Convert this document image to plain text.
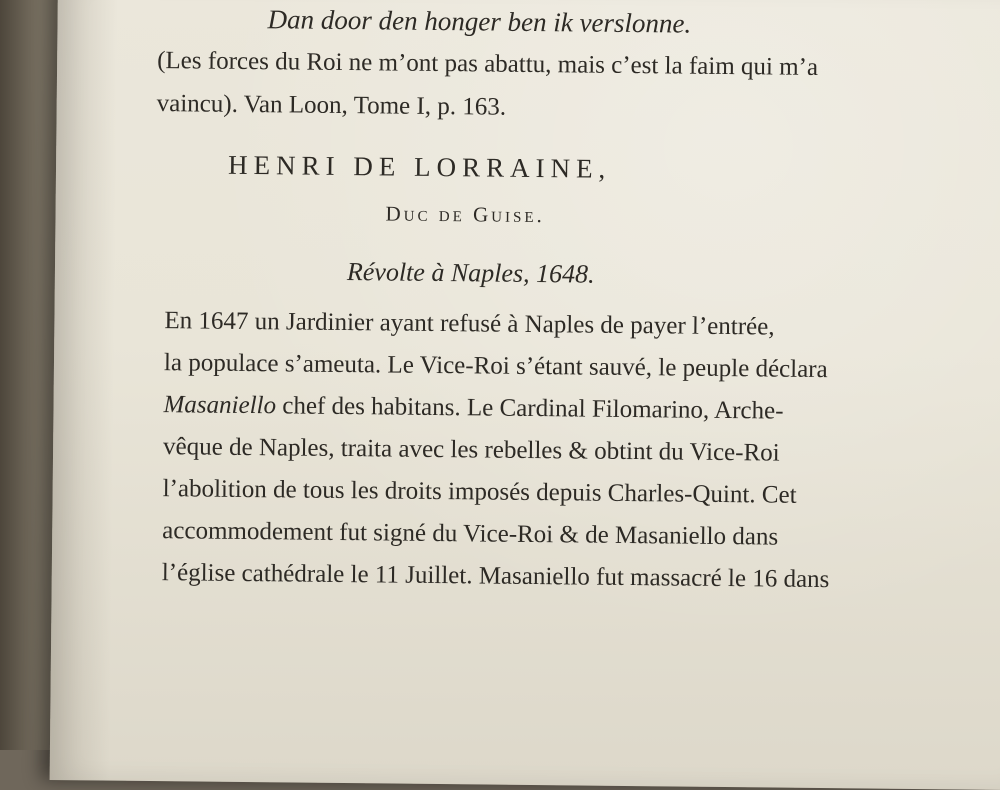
Dan door den honger ben ik verslonne.
(Les forces du Roi ne m’ont pas abattu, mais c’est la faim qui m’a
vaincu). Van Loon, Tome I, p. 163.
HENRI DE LORRAINE,
Duc de Guise.
Révolte à Naples, 1648.
En 1647 un Jardinier ayant refusé à Naples de payer l’entrée,
la populace s’ameuta. Le Vice-Roi s’étant sauvé, le peuple déclara
Masaniello chef des habitans. Le Cardinal Filomarino, Arche-
vêque de Naples, traita avec les rebelles & obtint du Vice-Roi
l’abolition de tous les droits imposés depuis Charles-Quint. Cet
accommodement fut signé du Vice-Roi & de Masaniello dans
l’église cathédrale le 11 Juillet. Masaniello fut massacré le 16 dans
